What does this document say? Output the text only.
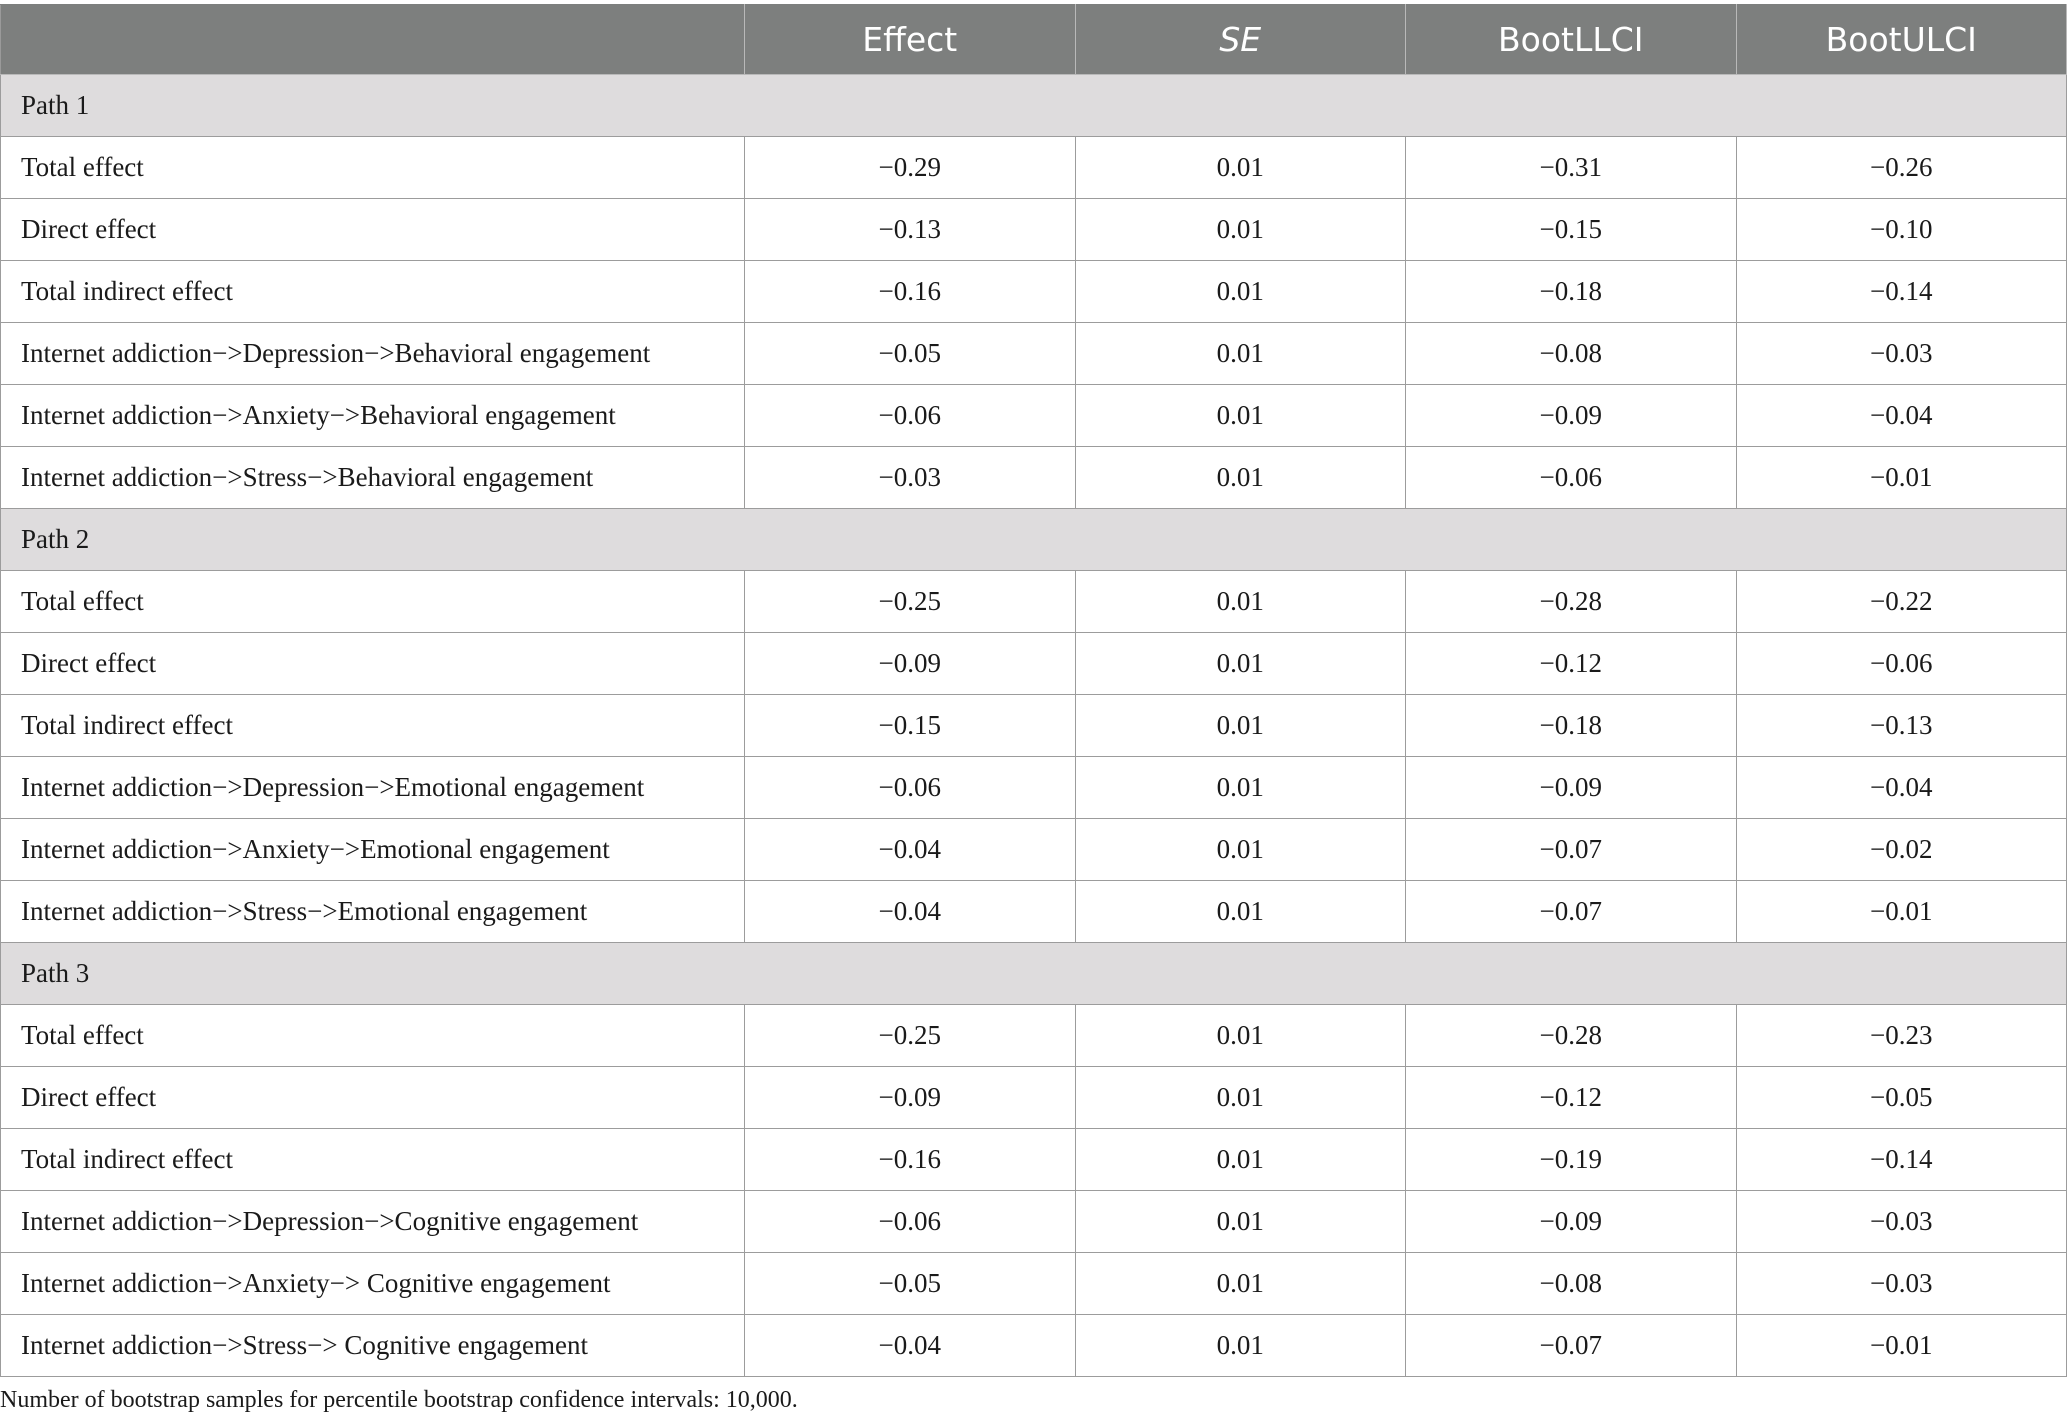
	Effect	SE	BootLLCI	BootULCI
Path 1				
Total effect	−0.29	0.01	−0.31	−0.26
Direct effect	−0.13	0.01	−0.15	−0.10
Total indirect effect	−0.16	0.01	−0.18	−0.14
Internet addiction−>Depression−>Behavioral engagement	−0.05	0.01	−0.08	−0.03
Internet addiction−>Anxiety−>Behavioral engagement	−0.06	0.01	−0.09	−0.04
Internet addiction−>Stress−>Behavioral engagement	−0.03	0.01	−0.06	−0.01
Path 2				
Total effect	−0.25	0.01	−0.28	−0.22
Direct effect	−0.09	0.01	−0.12	−0.06
Total indirect effect	−0.15	0.01	−0.18	−0.13
Internet addiction−>Depression−>Emotional engagement	−0.06	0.01	−0.09	−0.04
Internet addiction−>Anxiety−>Emotional engagement	−0.04	0.01	−0.07	−0.02
Internet addiction−>Stress−>Emotional engagement	−0.04	0.01	−0.07	−0.01
Path 3				
Total effect	−0.25	0.01	−0.28	−0.23
Direct effect	−0.09	0.01	−0.12	−0.05
Total indirect effect	−0.16	0.01	−0.19	−0.14
Internet addiction−>Depression−>Cognitive engagement	−0.06	0.01	−0.09	−0.03
Internet addiction−>Anxiety−> Cognitive engagement	−0.05	0.01	−0.08	−0.03
Internet addiction−>Stress−> Cognitive engagement	−0.04	0.01	−0.07	−0.01
Number of bootstrap samples for percentile bootstrap confidence intervals: 10,000.
